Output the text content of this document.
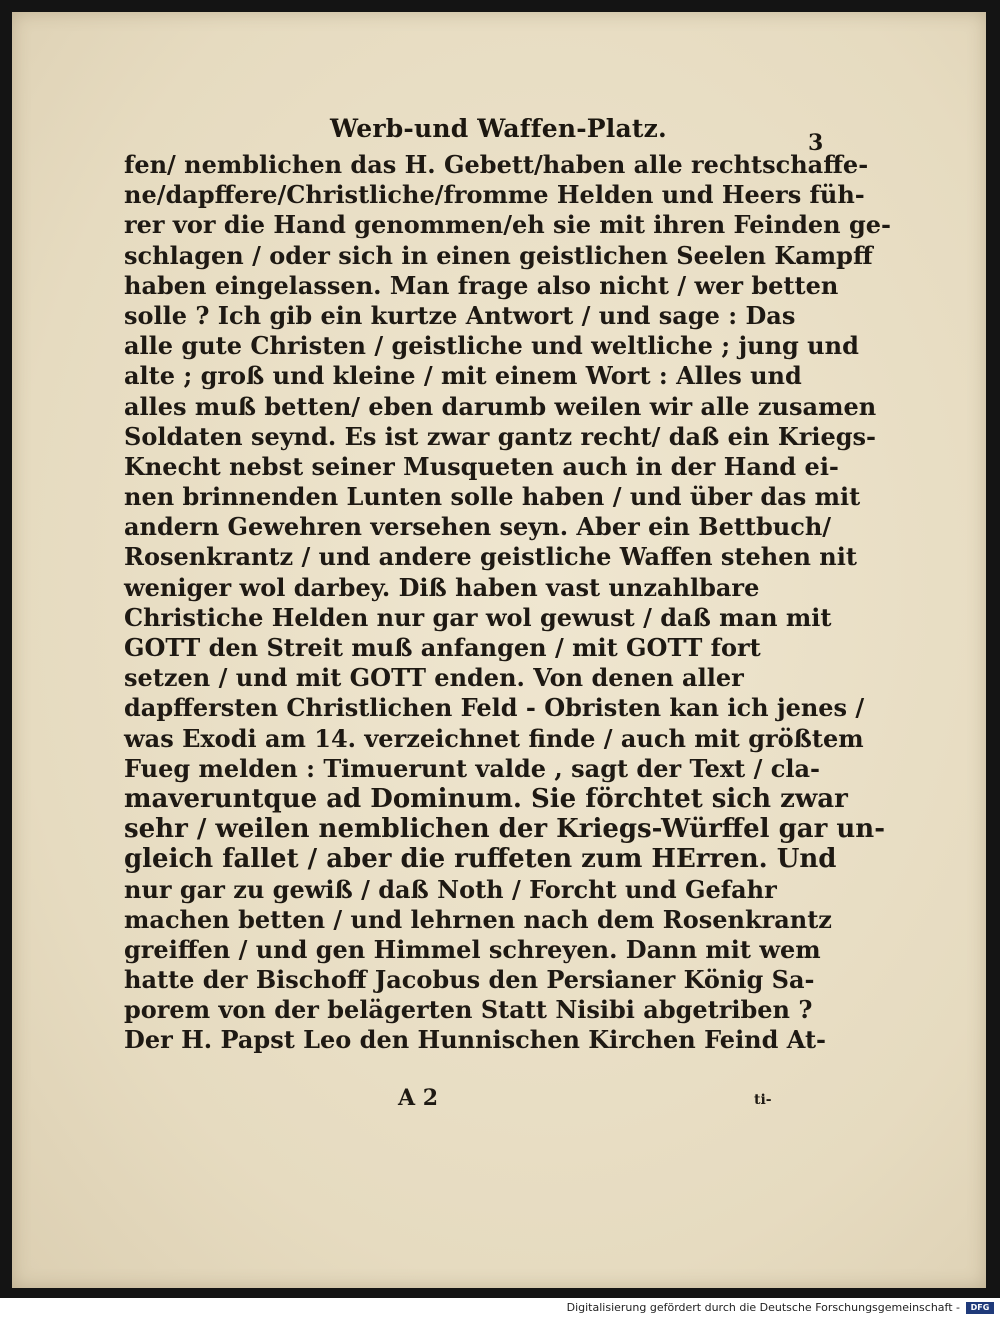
Werb-und Waffen-Platz.	3
fen/ nemblichen das H. Gebett/haben alle rechtschaffe-
ne/dapffere/Christliche/fromme Helden und Heers füh-
rer vor die Hand genommen/eh sie mit ihren Feinden ge-
schlagen / oder sich in einen geistlichen Seelen Kampff
haben eingelassen. Man frage also nicht / wer betten
solle ? Ich gib ein kurtze Antwort / und sage : Das
alle gute Christen / geistliche und weltliche ; jung und
alte ; groß und kleine / mit einem Wort : Alles und
alles muß betten/ eben darumb weilen wir alle zusamen
Soldaten seynd. Es ist zwar gantz recht/ daß ein Kriegs-
Knecht nebst seiner Musqueten auch in der Hand ei-
nen brinnenden Lunten solle haben / und über das mit
andern Gewehren versehen seyn. Aber ein Bettbuch/
Rosenkrantz / und andere geistliche Waffen stehen nit
weniger wol darbey. Diß haben vast unzahlbare
Christiche Helden nur gar wol gewust / daß man mit
GOTT den Streit muß anfangen / mit GOTT fort
setzen / und mit GOTT enden. Von denen aller
dapffersten Christlichen Feld - Obristen kan ich jenes /
was Exodi am 14. verzeichnet finde / auch mit größtem
Fueg melden : Timuerunt valde , sagt der Text / cla-
maveruntque ad Dominum. Sie förchtet sich zwar
sehr / weilen nemblichen der Kriegs-Würffel gar un-
gleich fallet / aber die ruffeten zum HErren. Und
nur gar zu gewiß / daß Noth / Forcht und Gefahr
machen betten / und lehrnen nach dem Rosenkrantz
greiffen / und gen Himmel schreyen. Dann mit wem
hatte der Bischoff Jacobus den Persianer König Sa-
porem von der belägerten Statt Nisibi abgetriben ?
Der H. Papst Leo den Hunnischen Kirchen Feind At-
A 2	ti-
Digitalisierung gefördert durch die Deutsche Forschungsgemeinschaft -	DFG
